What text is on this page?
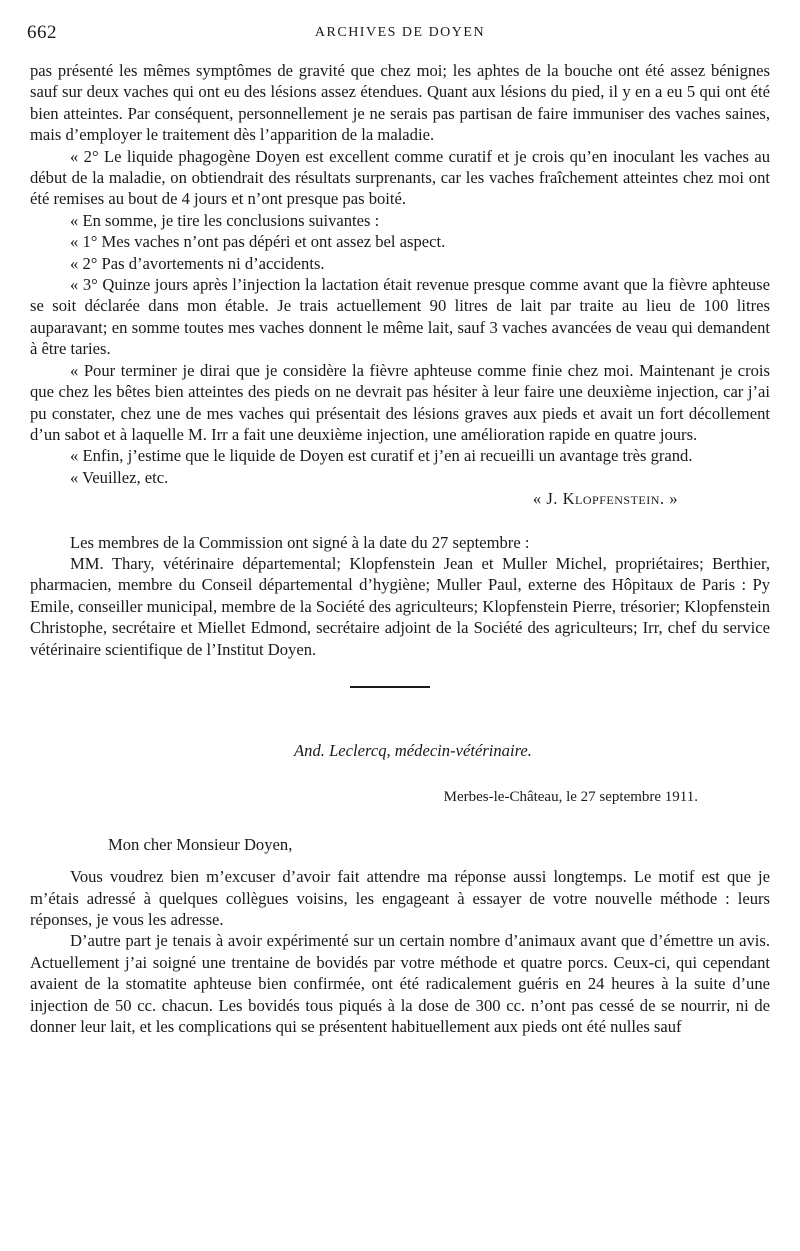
662	ARCHIVES DE DOYEN

pas présenté les mêmes symptômes de gravité que chez moi; les aphtes de la bouche ont été assez bénignes sauf sur deux vaches qui ont eu des lésions assez étendues. Quant aux lésions du pied, il y en a eu 5 qui ont été bien atteintes. Par conséquent, personnellement je ne serais pas partisan de faire immuniser des vaches saines, mais d’employer le traitement dès l’apparition de la maladie.

« 2° Le liquide phagogène Doyen est excellent comme curatif et je crois qu’en inoculant les vaches au début de la maladie, on obtiendrait des résultats surprenants, car les vaches fraîchement atteintes chez moi ont été remises au bout de 4 jours et n’ont presque pas boité.

« En somme, je tire les conclusions suivantes :

« 1° Mes vaches n’ont pas dépéri et ont assez bel aspect.

« 2° Pas d’avortements ni d’accidents.

« 3° Quinze jours après l’injection la lactation était revenue presque comme avant que la fièvre aphteuse se soit déclarée dans mon étable. Je trais actuellement 90 litres de lait par traite au lieu de 100 litres auparavant; en somme toutes mes vaches donnent le même lait, sauf 3 vaches avancées de veau qui demandent à être taries.

« Pour terminer je dirai que je considère la fièvre aphteuse comme finie chez moi. Maintenant je crois que chez les bêtes bien atteintes des pieds on ne devrait pas hésiter à leur faire une deuxième injection, car j’ai pu constater, chez une de mes vaches qui présentait des lésions graves aux pieds et avait un fort décollement d’un sabot et à laquelle M. Irr a fait une deuxième injection, une amélioration rapide en quatre jours.

« Enfin, j’estime que le liquide de Doyen est curatif et j’en ai recueilli un avantage très grand.

« Veuillez, etc.

« J. Klopfenstein. »

Les membres de la Commission ont signé à la date du 27 septembre :

MM. Thary, vétérinaire départemental; Klopfenstein Jean et Muller Michel, propriétaires; Berthier, pharmacien, membre du Conseil départemental d’hygiène; Muller Paul, externe des Hôpitaux de Paris : Py Emile, conseiller municipal, membre de la Société des agriculteurs; Klopfenstein Pierre, trésorier; Klopfenstein Christophe, secrétaire et Miellet Edmond, secrétaire adjoint de la Société des agriculteurs; Irr, chef du service vétérinaire scientifique de l’Institut Doyen.

And. Leclercq, médecin-vétérinaire.

Merbes-le-Château, le 27 septembre 1911.

Mon cher Monsieur Doyen,

Vous voudrez bien m’excuser d’avoir fait attendre ma réponse aussi longtemps. Le motif est que je m’étais adressé à quelques collègues voisins, les engageant à essayer de votre nouvelle méthode : leurs réponses, je vous les adresse.

D’autre part je tenais à avoir expérimenté sur un certain nombre d’animaux avant que d’émettre un avis. Actuellement j’ai soigné une trentaine de bovidés par votre méthode et quatre porcs. Ceux-ci, qui cependant avaient de la stomatite aphteuse bien confirmée, ont été radicalement guéris en 24 heures à la suite d’une injection de 50 cc. chacun. Les bovidés tous piqués à la dose de 300 cc. n’ont pas cessé de se nourrir, ni de donner leur lait, et les complications qui se présentent habituellement aux pieds ont été nulles sauf
